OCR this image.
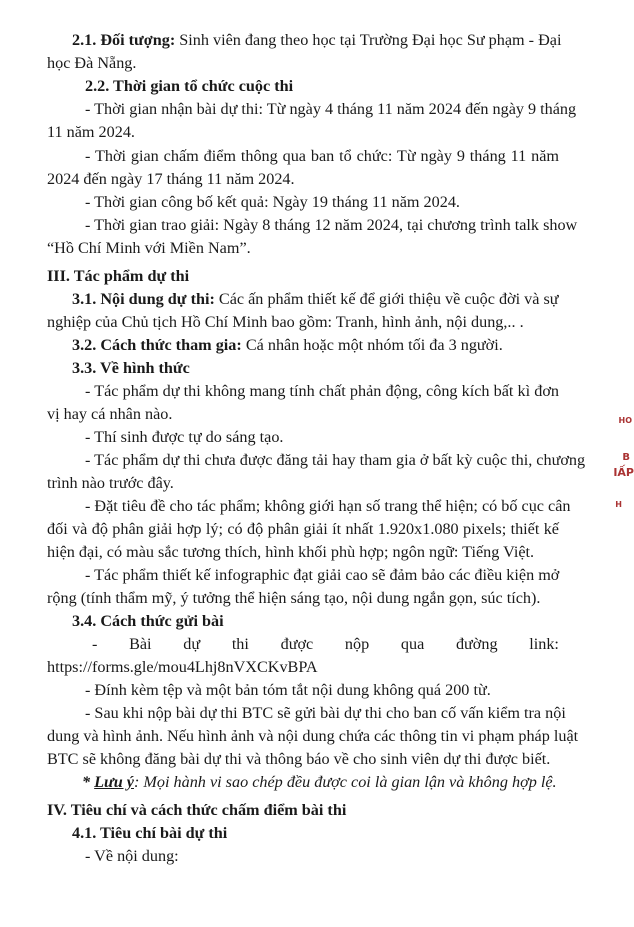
2.1. Đối tượng: Sinh viên đang theo học tại Trường Đại học Sư phạm - Đại
học Đà Nẵng.
2.2. Thời gian tổ chức cuộc thi
- Thời gian nhận bài dự thi: Từ ngày 4 tháng 11 năm 2024 đến ngày 9 tháng
11 năm 2024.
- Thời gian chấm điểm thông qua ban tổ chức: Từ ngày 9 tháng 11 năm
2024 đến ngày 17 tháng 11 năm 2024.
- Thời gian công bố kết quả: Ngày 19 tháng 11 năm 2024.
- Thời gian trao giải: Ngày 8 tháng 12 năm 2024, tại chương trình talk show
“Hồ Chí Minh với Miền Nam”.
III. Tác phẩm dự thi
3.1. Nội dung dự thi: Các ấn phẩm thiết kế để giới thiệu về cuộc đời và sự
nghiệp của Chủ tịch Hồ Chí Minh bao gồm: Tranh, hình ảnh, nội dung,.. .
3.2. Cách thức tham gia: Cá nhân hoặc một nhóm tối đa 3 người.
3.3. Về hình thức
- Tác phẩm dự thi không mang tính chất phản động, công kích bất kì đơn
vị hay cá nhân nào.
- Thí sinh được tự do sáng tạo.
- Tác phẩm dự thi chưa được đăng tải hay tham gia ở bất kỳ cuộc thi, chương
trình nào trước đây.
- Đặt tiêu đề cho tác phẩm; không giới hạn số trang thể hiện; có bố cục cân
đối và độ phân giải hợp lý; có độ phân giải ít nhất 1.920x1.080 pixels; thiết kế
hiện đại, có màu sắc tương thích, hình khối phù hợp; ngôn ngữ: Tiếng Việt.
- Tác phẩm thiết kế infographic đạt giải cao sẽ đảm bảo các điều kiện mở
rộng (tính thẩm mỹ, ý tưởng thể hiện sáng tạo, nội dung ngắn gọn, súc tích).
3.4. Cách thức gửi bài
- Bài dự thi được nộp qua đường link:
https://forms.gle/mou4Lhj8nVXCKvBPA
- Đính kèm tệp và một bản tóm tắt nội dung không quá 200 từ.
- Sau khi nộp bài dự thi BTC sẽ gửi bài dự thi cho ban cố vấn kiểm tra nội
dung và hình ảnh. Nếu hình ảnh và nội dung chứa các thông tin vi phạm pháp luật
BTC sẽ không đăng bài dự thi và thông báo về cho sinh viên dự thi được biết.
* Lưu ý: Mọi hành vi sao chép đều được coi là gian lận và không hợp lệ.
IV. Tiêu chí và cách thức chấm điểm bài thi
4.1. Tiêu chí bài dự thi
- Về nội dung:
HO
B
IẤP
H
